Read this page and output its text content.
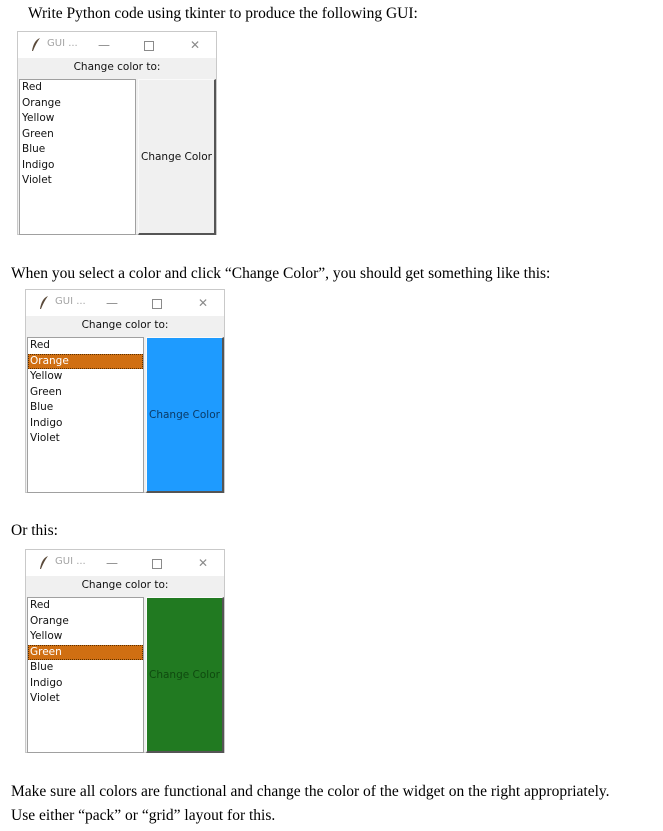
Write Python code using tkinter to produce the following GUI:

GUI ...	—	✕
Change color to:
Red
Orange
Yellow
Green
Blue
Indigo
Violet
Change Color

When you select a color and click “Change Color”, you should get something like this:

GUI ...	—	✕
Change color to:
Red
Orange
Yellow
Green
Blue
Indigo
Violet
Change Color

Or this:

GUI ...	—	✕
Change color to:
Red
Orange
Yellow
Green
Blue
Indigo
Violet
Change Color

Make sure all colors are functional and change the color of the widget on the right appropriately.

Use either “pack” or “grid” layout for this.
